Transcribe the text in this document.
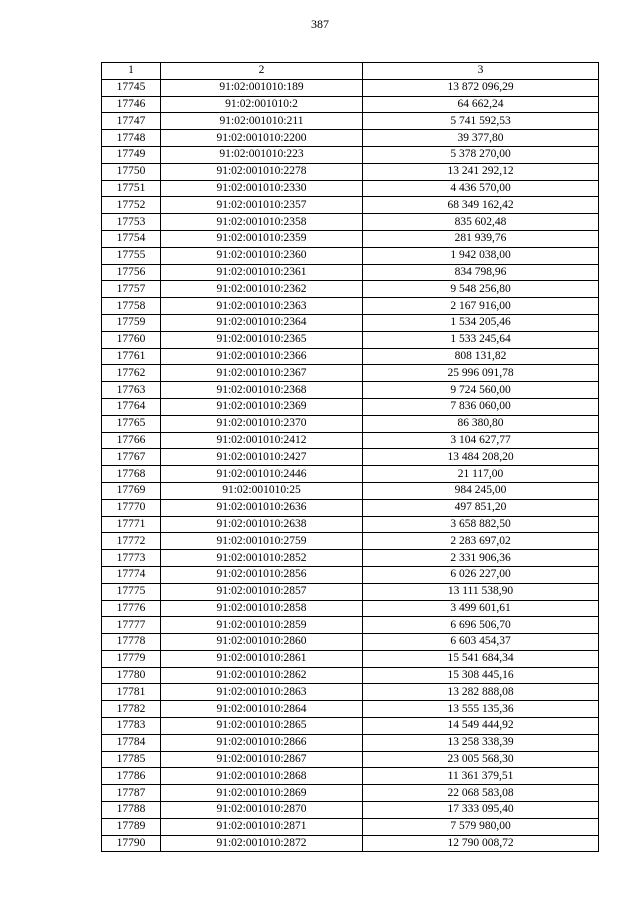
387
1	2	3
17745	91:02:001010:189	13 872 096,29
17746	91:02:001010:2	64 662,24
17747	91:02:001010:211	5 741 592,53
17748	91:02:001010:2200	39 377,80
17749	91:02:001010:223	5 378 270,00
17750	91:02:001010:2278	13 241 292,12
17751	91:02:001010:2330	4 436 570,00
17752	91:02:001010:2357	68 349 162,42
17753	91:02:001010:2358	835 602,48
17754	91:02:001010:2359	281 939,76
17755	91:02:001010:2360	1 942 038,00
17756	91:02:001010:2361	834 798,96
17757	91:02:001010:2362	9 548 256,80
17758	91:02:001010:2363	2 167 916,00
17759	91:02:001010:2364	1 534 205,46
17760	91:02:001010:2365	1 533 245,64
17761	91:02:001010:2366	808 131,82
17762	91:02:001010:2367	25 996 091,78
17763	91:02:001010:2368	9 724 560,00
17764	91:02:001010:2369	7 836 060,00
17765	91:02:001010:2370	86 380,80
17766	91:02:001010:2412	3 104 627,77
17767	91:02:001010:2427	13 484 208,20
17768	91:02:001010:2446	21 117,00
17769	91:02:001010:25	984 245,00
17770	91:02:001010:2636	497 851,20
17771	91:02:001010:2638	3 658 882,50
17772	91:02:001010:2759	2 283 697,02
17773	91:02:001010:2852	2 331 906,36
17774	91:02:001010:2856	6 026 227,00
17775	91:02:001010:2857	13 111 538,90
17776	91:02:001010:2858	3 499 601,61
17777	91:02:001010:2859	6 696 506,70
17778	91:02:001010:2860	6 603 454,37
17779	91:02:001010:2861	15 541 684,34
17780	91:02:001010:2862	15 308 445,16
17781	91:02:001010:2863	13 282 888,08
17782	91:02:001010:2864	13 555 135,36
17783	91:02:001010:2865	14 549 444,92
17784	91:02:001010:2866	13 258 338,39
17785	91:02:001010:2867	23 005 568,30
17786	91:02:001010:2868	11 361 379,51
17787	91:02:001010:2869	22 068 583,08
17788	91:02:001010:2870	17 333 095,40
17789	91:02:001010:2871	7 579 980,00
17790	91:02:001010:2872	12 790 008,72
